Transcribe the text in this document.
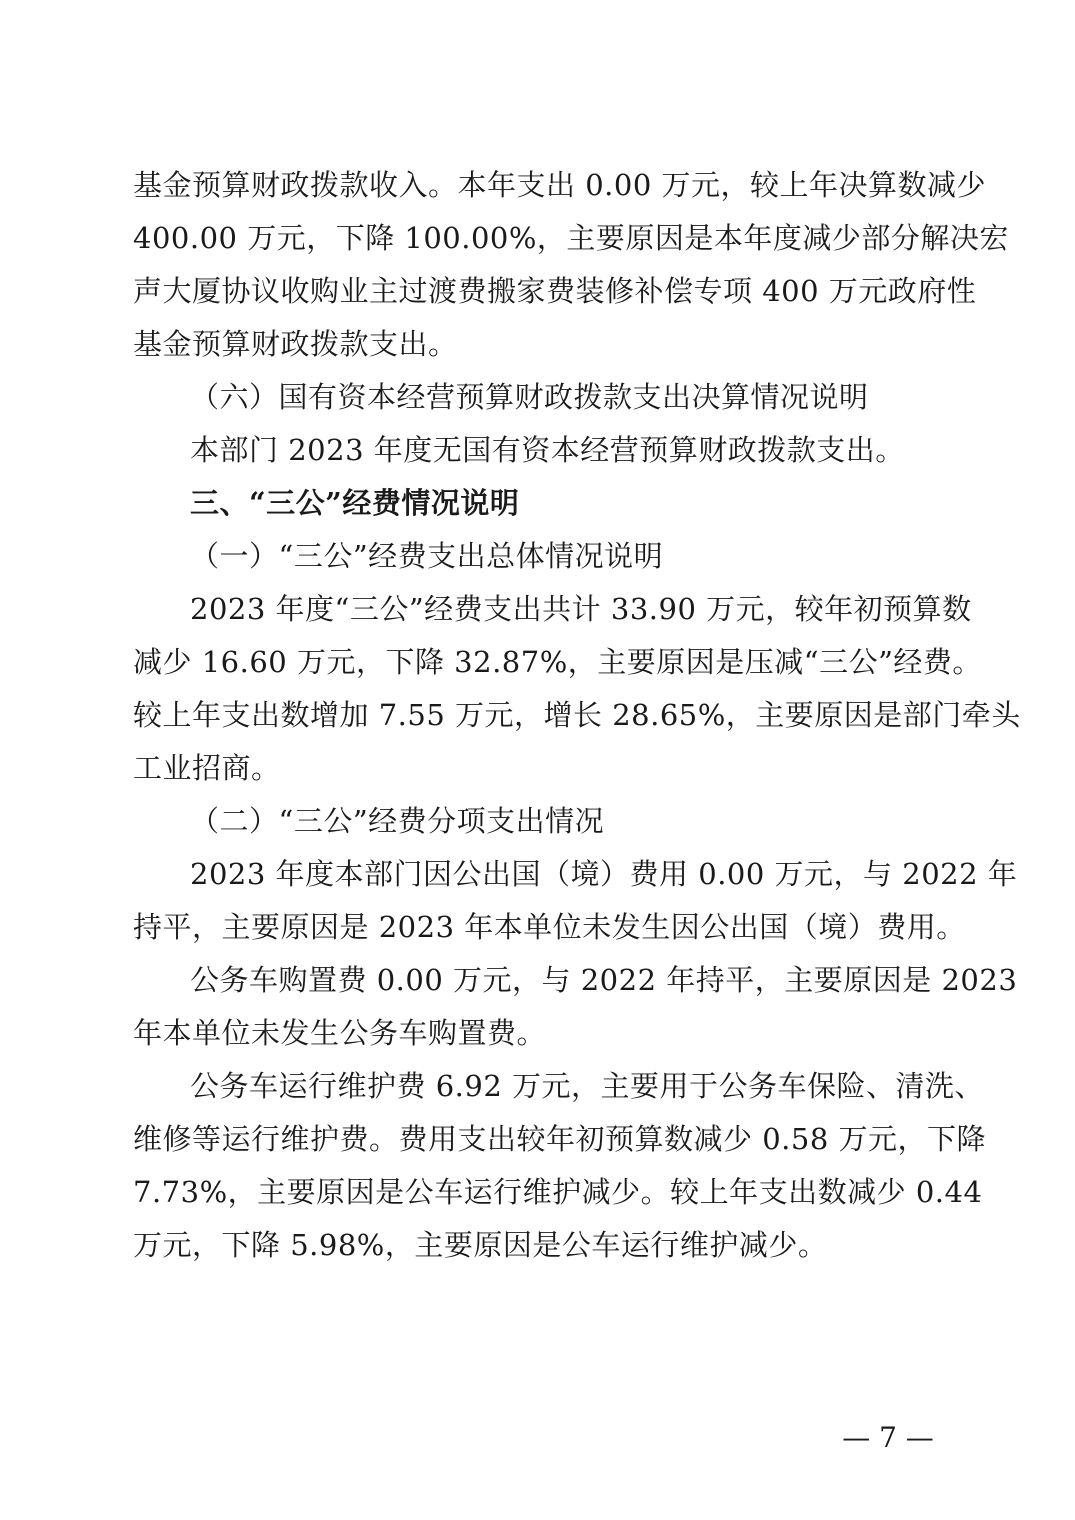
基金预算财政拨款收入。本年支出 0.00 万元，较上年决算数减少
400.00 万元，下降 100.00%，主要原因是本年度减少部分解决宏
声大厦协议收购业主过渡费搬家费装修补偿专项 400 万元政府性
基金预算财政拨款支出。
（六）国有资本经营预算财政拨款支出决算情况说明
本部门 2023 年度无国有资本经营预算财政拨款支出。
三、“三公”经费情况说明
（一）“三公”经费支出总体情况说明
2023 年度“三公”经费支出共计 33.90 万元，较年初预算数
减少 16.60 万元，下降 32.87%，主要原因是压减“三公”经费。
较上年支出数增加 7.55 万元，增长 28.65%，主要原因是部门牵头
工业招商。
（二）“三公”经费分项支出情况
2023 年度本部门因公出国（境）费用 0.00 万元，与 2022 年
持平，主要原因是 2023 年本单位未发生因公出国（境）费用。
公务车购置费 0.00 万元，与 2022 年持平，主要原因是 2023
年本单位未发生公务车购置费。
公务车运行维护费 6.92 万元，主要用于公务车保险、清洗、
维修等运行维护费。费用支出较年初预算数减少 0.58 万元，下降
7.73%，主要原因是公车运行维护减少。较上年支出数减少 0.44
万元，下降 5.98%，主要原因是公车运行维护减少。
— 7 —
